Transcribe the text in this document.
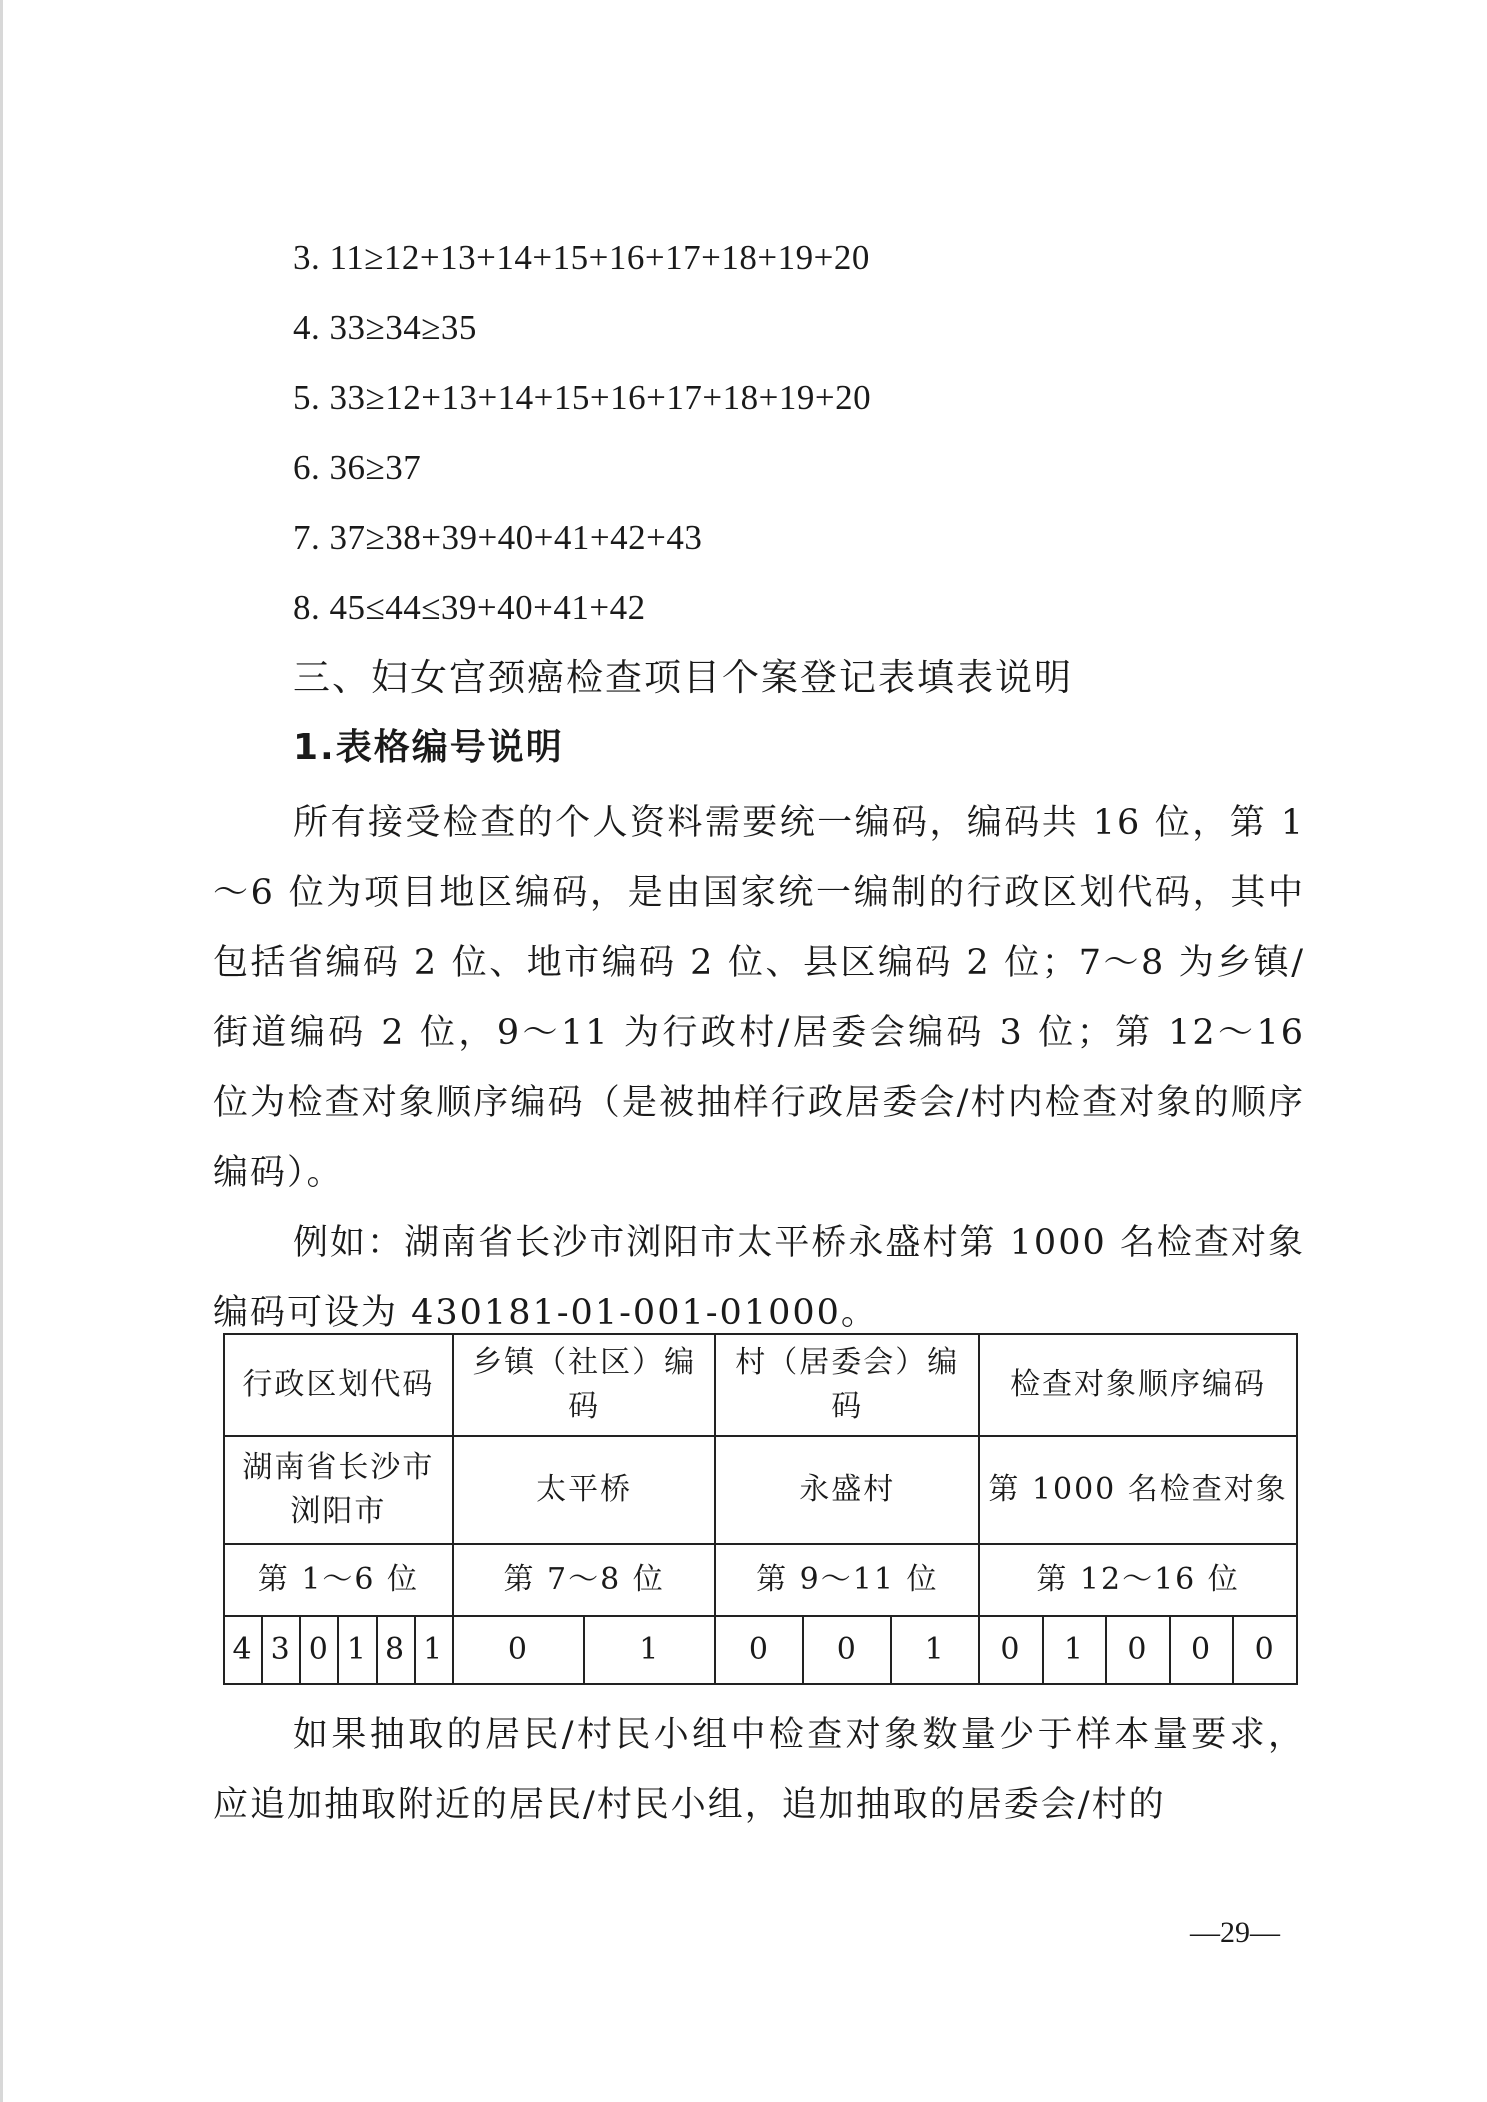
3. 11≥12+13+14+15+16+17+18+19+20
4. 33≥34≥35
5. 33≥12+13+14+15+16+17+18+19+20
6. 36≥37
7. 37≥38+39+40+41+42+43
8. 45≤44≤39+40+41+42
三、妇女宫颈癌检查项目个案登记表填表说明
1.表格编号说明
所有接受检查的个人资料需要统一编码，编码共 16 位，第 1～6 位为项目地区编码，是由国家统一编制的行政区划代码，其中包括省编码 2 位、地市编码 2 位、县区编码 2 位；7～8 为乡镇/街道编码 2 位，9～11 为行政村/居委会编码 3 位；第 12～16 位为检查对象顺序编码（是被抽样行政居委会/村内检查对象的顺序编码）。
例如：湖南省长沙市浏阳市太平桥永盛村第 1000 名检查对象编码可设为 430181-01-001-01000。
行政区划代码						乡镇（社区）编码		村（居委会）编码			检查对象顺序编码				
湖南省长沙市浏阳市						太平桥		永盛村			第 1000 名检查对象				
第 1～6 位						第 7～8 位		第 9～11 位			第 12～16 位				
4	3	0	1	8	1	0	1	0	0	1	0	1	0	0	0
如果抽取的居民/村民小组中检查对象数量少于样本量要求，应追加抽取附近的居民/村民小组，追加抽取的居委会/村的
—29—
